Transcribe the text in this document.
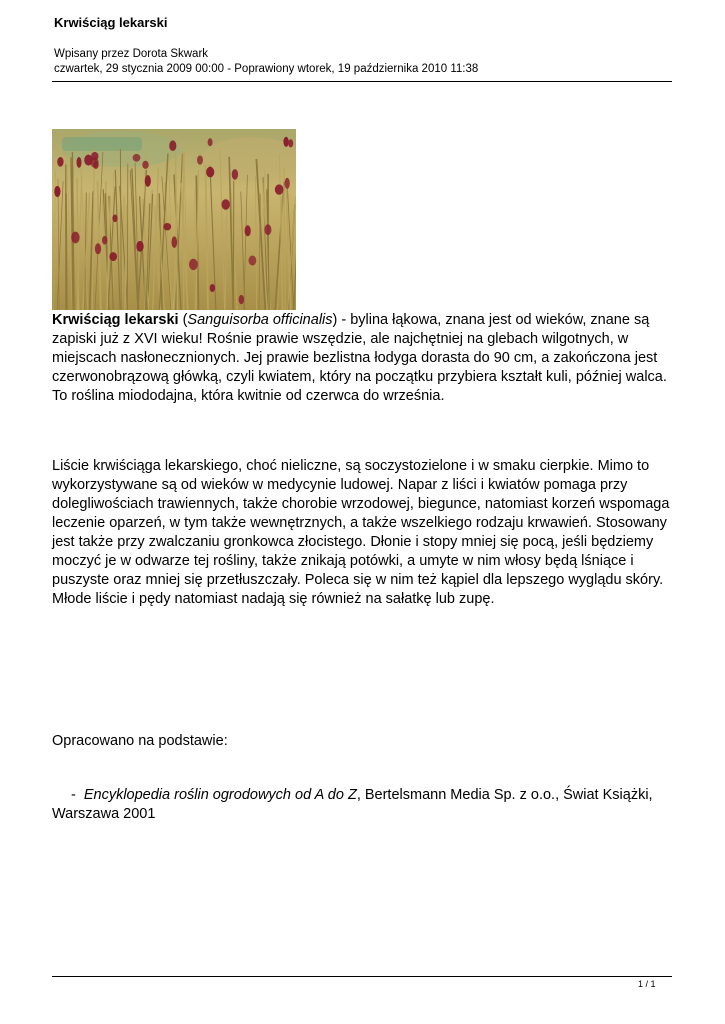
Krwiściąg lekarski
Wpisany przez Dorota Skwark
czwartek, 29 stycznia 2009 00:00 - Poprawiony wtorek, 19 października 2010 11:38

Krwiściąg lekarski (Sanguisorba officinalis) - bylina łąkowa, znana jest od wieków, znane są zapiski już z XVI wieku! Rośnie prawie wszędzie, ale najchętniej na glebach wilgotnych, w miejscach nasłonecznionych. Jej prawie bezlistna łodyga dorasta do 90 cm, a zakończona jest czerwonobrązową główką, czyli kwiatem, który na początku przybiera kształt kuli, później walca. To roślina miododajna, która kwitnie od czerwca do września.

Liście krwiściąga lekarskiego, choć nieliczne, są soczystozielone i w smaku cierpkie. Mimo to wykorzystywane są od wieków w medycynie ludowej. Napar z liści i kwiatów pomaga przy dolegliwościach trawiennych, także chorobie wrzodowej, biegunce, natomiast korzeń wspomaga leczenie oparzeń, w tym także wewnętrznych, a także wszelkiego rodzaju krwawień. Stosowany jest także przy zwalczaniu gronkowca złocistego. Dłonie i stopy mniej się pocą, jeśli będziemy moczyć je w odwarze tej rośliny, także znikają potówki, a umyte w nim włosy będą lśniące i puszyste oraz mniej się przetłuszczały. Poleca się w nim też kąpiel dla lepszego wyglądu skóry. Młode liście i pędy natomiast nadają się również na sałatkę lub zupę.

Opracowano na podstawie:

- Encyklopedia roślin ogrodowych od A do Z, Bertelsmann Media Sp. z o.o., Świat Książki, Warszawa 2001

1 / 1
